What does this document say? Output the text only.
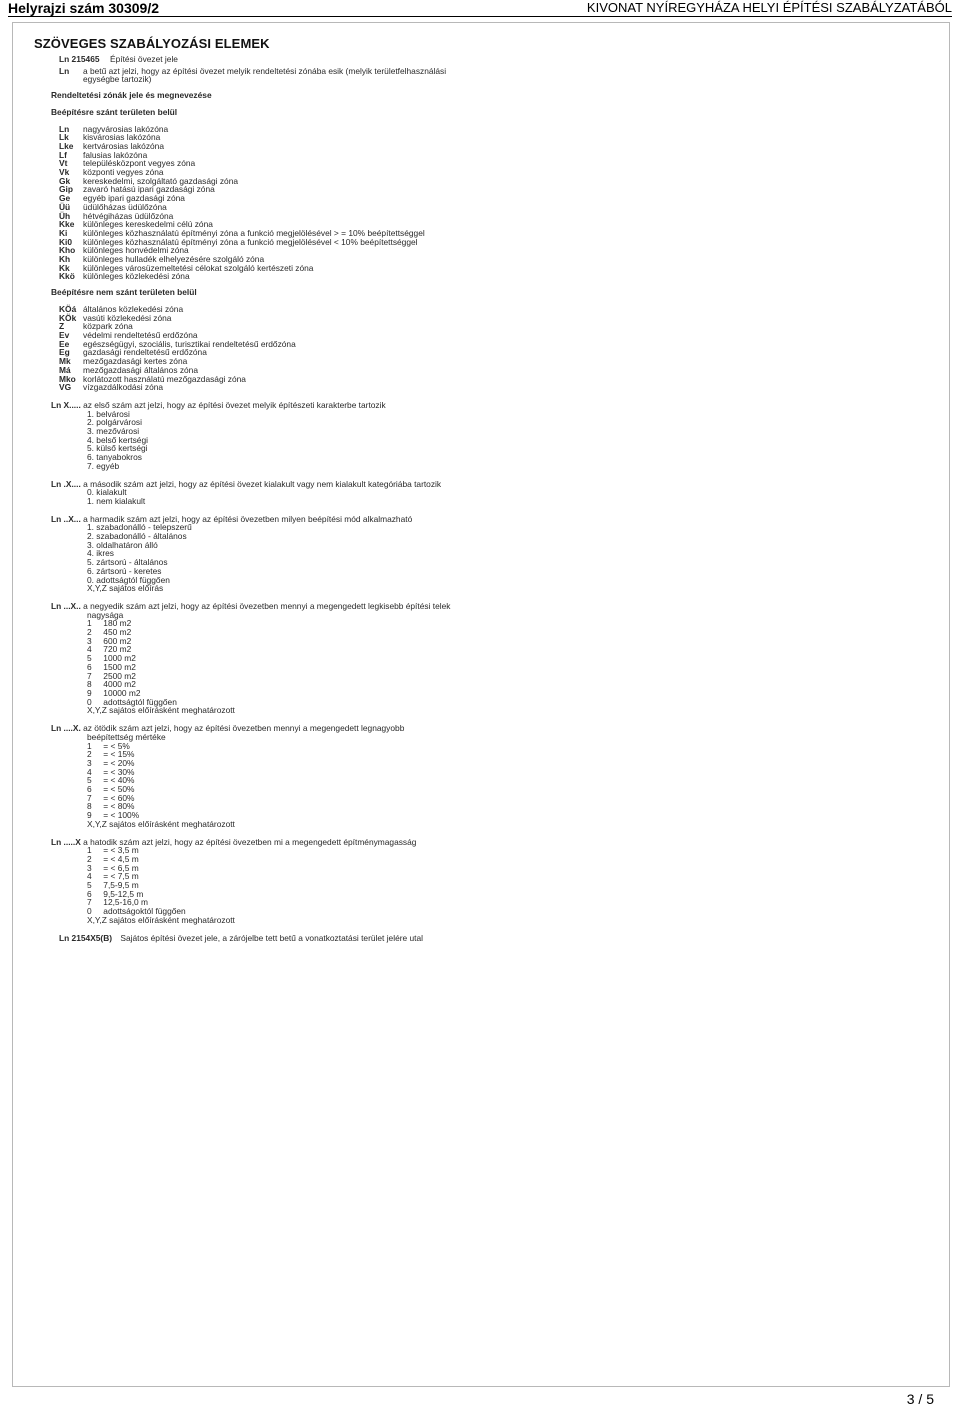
Helyrajzi szám 30309/2	KIVONAT NYÍREGYHÁZA HELYI ÉPÍTÉSI SZABÁLYZATÁBÓL
SZÖVEGES SZABÁLYOZÁSI ELEMEK
Ln 215465	Építési övezet jele
Ln	a betű azt jelzi, hogy az építési övezet melyik rendeltetési zónába esik (melyik területfelhasználási egységbe tartozik)
Rendeltetési zónák jele és megnevezése
Beépítésre szánt területen belül
Ln	nagyvárosias lakózóna
Lk	kisvárosias lakózóna
Lke	kertvárosias lakózóna
Lf	falusias lakózóna
Vt	településközpont vegyes zóna
Vk	központi vegyes zóna
Gk	kereskedelmi, szolgáltató gazdasági zóna
Gip	zavaró hatású ipari gazdasági zóna
Ge	egyéb ipari gazdasági zóna
Üü	üdülőházas üdülőzóna
Üh	hétvégiházas üdülőzóna
Kke	különleges kereskedelmi célú zóna
Ki	különleges közhasználatú építményi zóna a funkció megjelölésével > = 10% beépítettséggel
Ki0	különleges közhasználatú építményi zóna a funkció megjelölésével < 10% beépítettséggel
Kho különleges honvédelmi zóna
Kh	különleges hulladék elhelyezésére szolgáló zóna
Kk	különleges városüzemeltetési célokat szolgáló kertészeti zóna
Kkö különleges közlekedési zóna
Beépítésre nem szánt területen belül
KÖá általános közlekedési zóna
KÖk vasúti közlekedési zóna
Z	közpark zóna
Ev	védelmi rendeltetésű erdőzóna
Ee	egészségügyi, szociális, turisztikai rendeltetésű erdőzóna
Eg	gazdasági rendeltetésű erdőzóna
Mk	mezőgazdasági kertes zóna
Má	mezőgazdasági általános zóna
Mko korlátozott használatú mezőgazdasági zóna
VG	vízgazdálkodási zóna
Ln X..... az első szám azt jelzi, hogy az építési övezet melyik építészeti karakterbe tartozik
1. belvárosi
2. polgárvárosi
3. mezővárosi
4. belső kertségi
5. külső kertségi
6. tanyabokros
7. egyéb
Ln .X.... a második szám azt jelzi, hogy az építési övezet kialakult vagy nem kialakult kategóriába tartozik
0. kialakult
1. nem kialakult
Ln ..X... a harmadik szám azt jelzi, hogy az építési övezetben milyen beépítési mód alkalmazható
1. szabadonálló - telepszerű
2. szabadonálló - általános
3. oldalhatáron álló
4. ikres
5. zártsorú - általános
6. zártsorú - keretes
0. adottságtól függően
X,Y,Z sajátos előírás
Ln ...X.. a negyedik szám azt jelzi, hogy az építési övezetben mennyi a megengedett legkisebb építési telek
nagysága
1     180 m2
2     450 m2
3     600 m2
4     720 m2
5     1000 m2
6     1500 m2
7     2500 m2
8     4000 m2
9     10000 m2
0     adottságtól függően
X,Y,Z sajátos előírásként meghatározott
Ln ....X. az ötödik szám azt jelzi, hogy az építési övezetben mennyi a megengedett legnagyobb
beépítettség mértéke
1     = < 5%
2     = < 15%
3     = < 20%
4     = < 30%
5     = < 40%
6     = < 50%
7     = < 60%
8     = < 80%
9     = < 100%
X,Y,Z sajátos előírásként meghatározott
Ln .....X a hatodik szám azt jelzi, hogy az építési övezetben mi a megengedett építménymagasság
1     = < 3,5 m
2     = < 4,5 m
3     = < 6,5 m
4     = < 7,5 m
5     7,5-9,5 m
6     9,5-12,5 m
7     12,5-16,0 m
0     adottságoktól függően
X,Y,Z sajátos előírásként meghatározott
Ln 2154X5(B) Sajátos építési övezet jele, a zárójelbe tett betű a vonatkoztatási terület jelére utal
3 / 5
